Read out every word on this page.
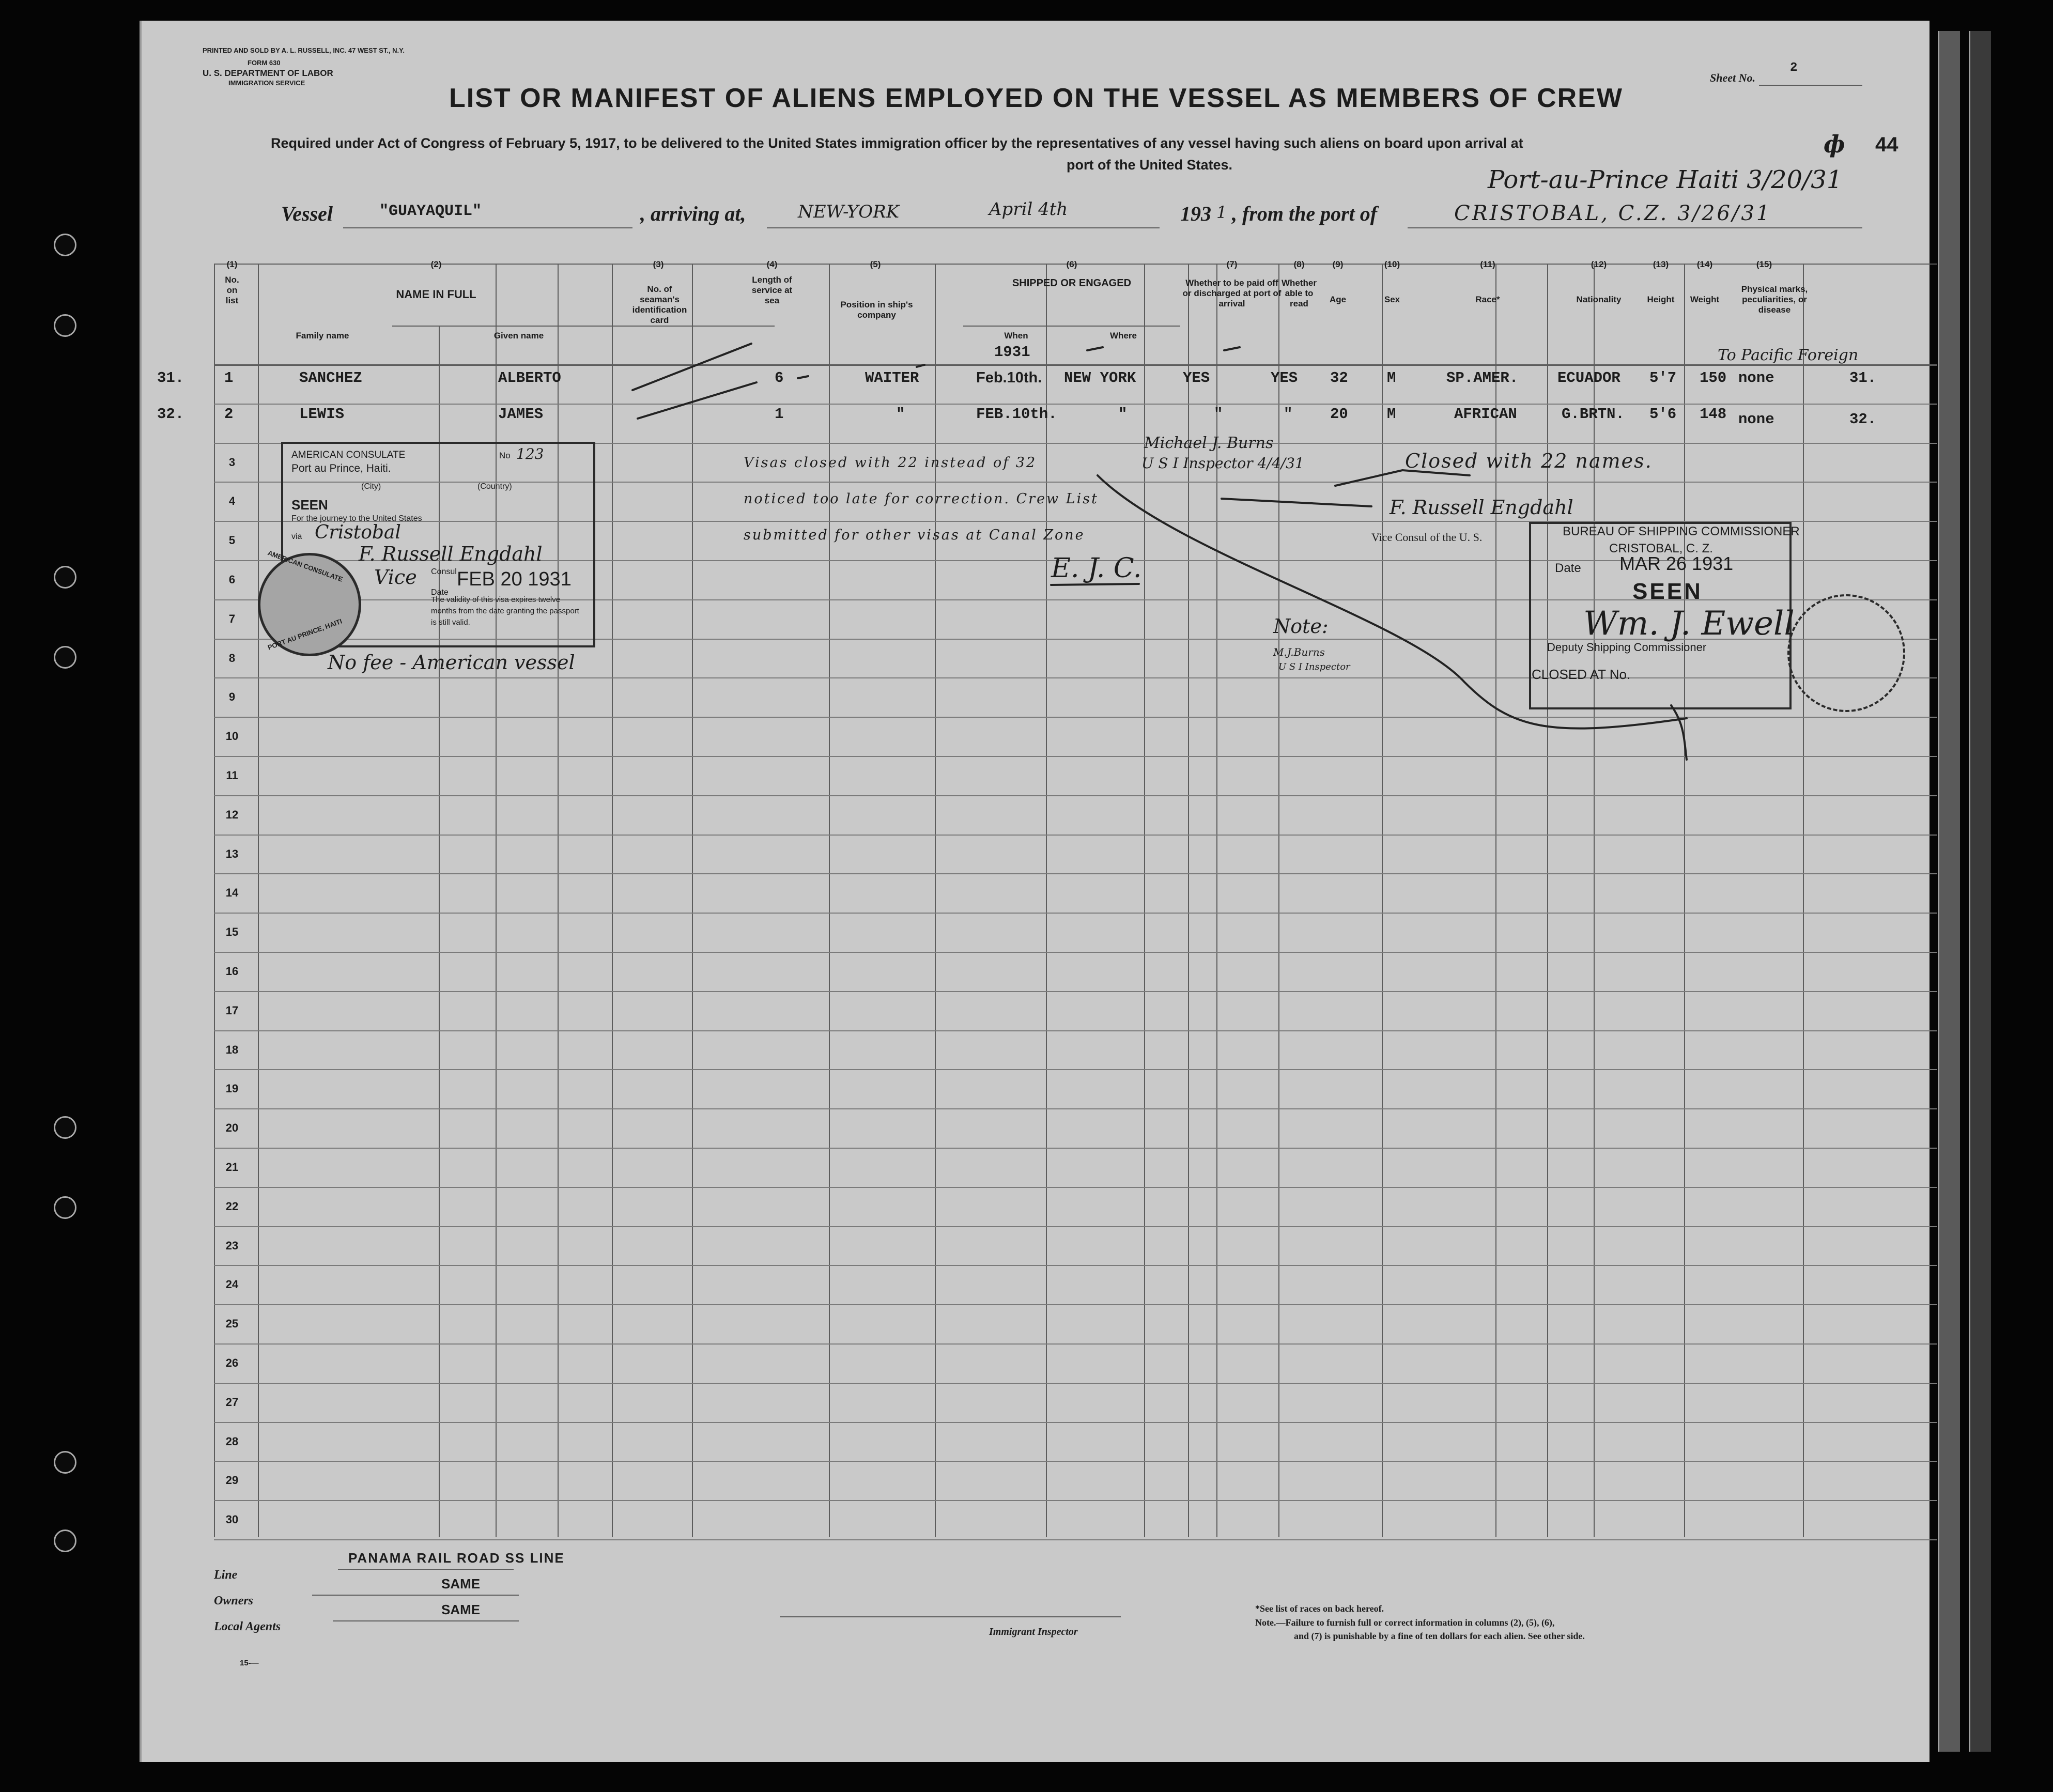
PRINTED AND SOLD BY A. L. RUSSELL, INC. 47 WEST ST., N.Y.
FORM 630
U. S. DEPARTMENT OF LABOR
IMMIGRATION SERVICE	Sheet No.
2
LIST OR MANIFEST OF ALIENS EMPLOYED ON THE VESSEL AS MEMBERS OF CREW
Required under Act of Congress of February 5, 1917, to be delivered to the United States immigration officer by the representatives of any vessel having such aliens on board upon arrival at
port of the United States.
44
ф
Vessel	"GUAYAQUIL"	, arriving at,	NEW-YORK	April 4th	193 1 , from the port of
Port-au-Prince Haiti 3/20/31
CRISTOBAL, C.Z. 3/26/31
(1)
No. on list
(2)
NAME IN FULL
Family name	Given name
(3)
No. of seaman's identification card
(4)
Length of service at sea
(5)
Position in ship's company
(6)
SHIPPED OR ENGAGED
When	Where
(7)
Whether to be paid off or discharged at port of arrival
(8)
Whether able to read
(9)
Age
(10)
Sex
(11)
Race*
(12)
Nationality
(13)
Height
(14)
Weight
(15)
Physical marks, peculiarities, or disease
31.	1	SANCHEZ	ALBERTO	6	WAITER	Feb.10th. NEW YORK	YES	YES 32	M	SP.AMER.	ECUADOR 5'7 150 none	31.
32.	2	LEWIS	JAMES	1	"	FEB.10th.	"	"	"	20	M	AFRICAN	G.BRTN. 5'6 148 none	32.
1931
3
4
5
6
7
8
9
10
11
12
13
14
15
16
17
18
19
20
21
22
23
24
25
26
27
28
29
30
To Pacific Foreign
Visas closed with 22 instead of 32
noticed too late for correction. Crew List
submitted for other visas at Canal Zone
E. J. C.
Michael J. Burns
U S I Inspector 4/4/31	Closed with 22 names.
F. Russell Engdahl
Vice Consul of the U. S.
Note:
M.J.Burns
U S I Inspector
No fee - American vessel
AMERICAN CONSULATE
Port au Prince, Haiti.
No 123
(City)	(Country)
SEEN
For the journey to the United States
via Cristobal
F. Russell Engdahl
Vice Consul
Date
FEB 20 1931
The validity of this visa expires twelve months from the date granting the passport is still valid.
AMERICAN CONSULATE
PORT AU PRINCE, HAITI
BUREAU OF SHIPPING COMMISSIONER
CRISTOBAL, C. Z.
Date MAR 26 1931
SEEN
Wm. J. Ewell
Deputy Shipping Commissioner
CLOSED AT No.
PANAMA RAIL ROAD SS LINE
Line
SAME
Owners
SAME
Local Agents	Immigrant Inspector
*See list of races on back hereof.
Note.—Failure to furnish full or correct information in columns (2), (5), (6),
and (7) is punishable by a fine of ten dollars for each alien. See other side.
15-—
